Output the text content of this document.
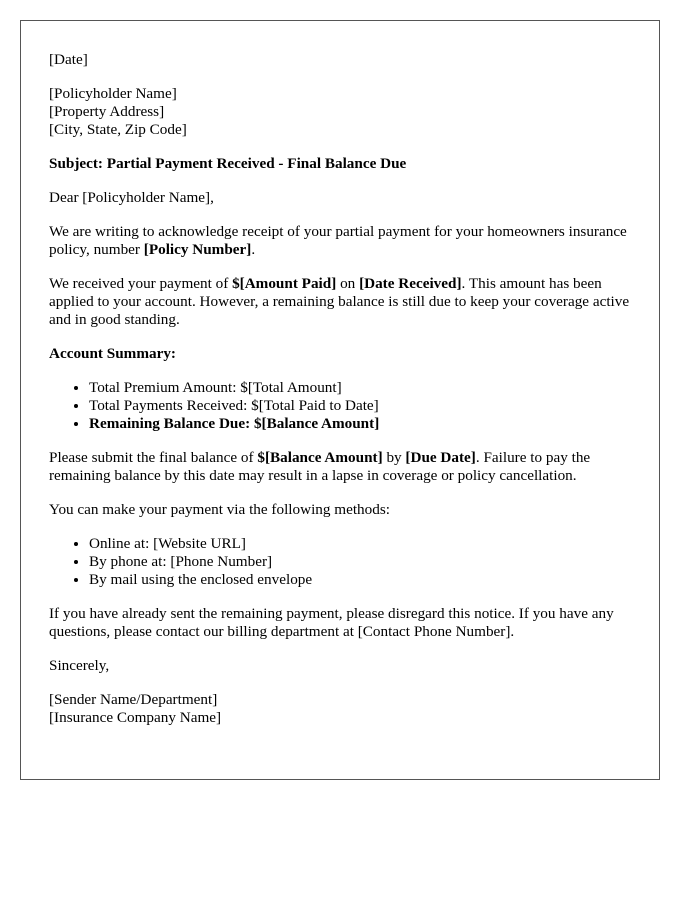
[Date]

[Policyholder Name]
[Property Address]
[City, State, Zip Code]

Subject: Partial Payment Received - Final Balance Due

Dear [Policyholder Name],

We are writing to acknowledge receipt of your partial payment for your homeowners insurance policy, number [Policy Number].

We received your payment of $[Amount Paid] on [Date Received]. This amount has been applied to your account. However, a remaining balance is still due to keep your coverage active and in good standing.

Account Summary:

• Total Premium Amount: $[Total Amount]
• Total Payments Received: $[Total Paid to Date]
• Remaining Balance Due: $[Balance Amount]

Please submit the final balance of $[Balance Amount] by [Due Date]. Failure to pay the remaining balance by this date may result in a lapse in coverage or policy cancellation.

You can make your payment via the following methods:

• Online at: [Website URL]
• By phone at: [Phone Number]
• By mail using the enclosed envelope

If you have already sent the remaining payment, please disregard this notice. If you have any questions, please contact our billing department at [Contact Phone Number].

Sincerely,

[Sender Name/Department]
[Insurance Company Name]
